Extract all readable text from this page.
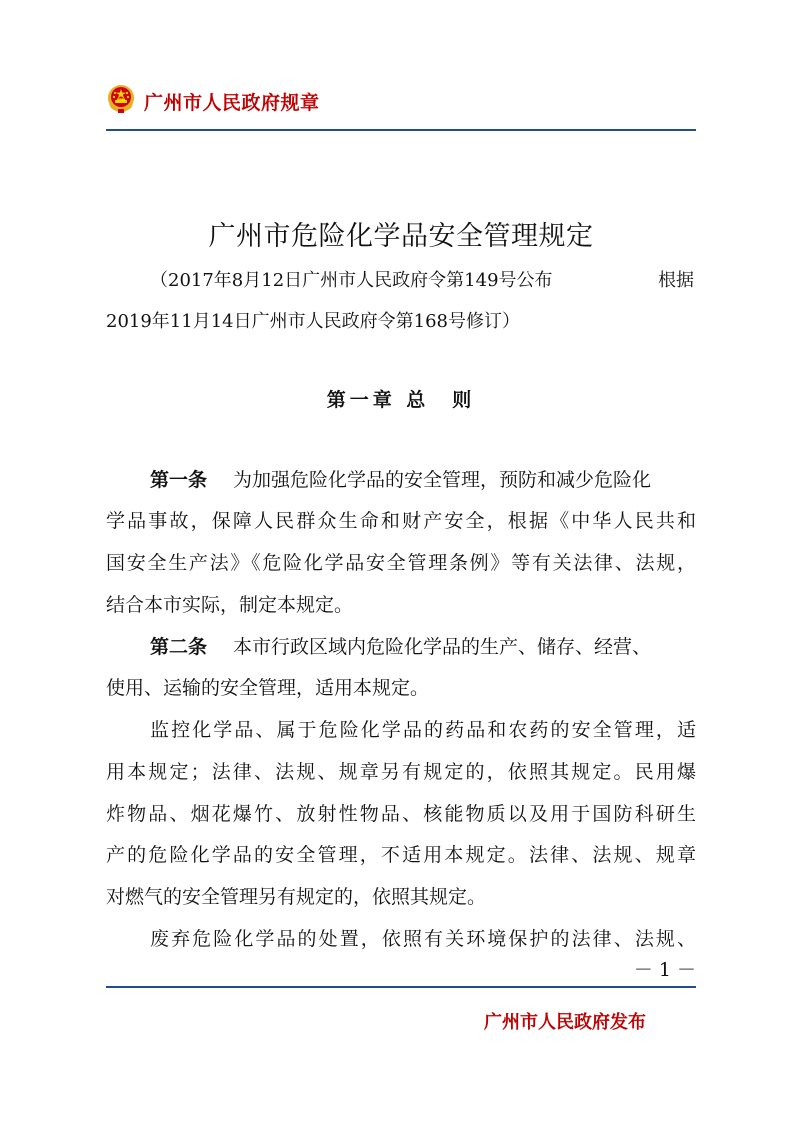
广州市人民政府规章
广州市危险化学品安全管理规定
（2017年8月12日广州市人民政府令第149号公布	根据
2019年11月14日广州市人民政府令第168号修订）
第一章 总　则
第一条 为加强危险化学品的安全管理，预防和减少危险化
学品事故，保障人民群众生命和财产安全，根据《中华人民共和
国安全生产法》《危险化学品安全管理条例》等有关法律、法规，
结合本市实际，制定本规定。
第二条 本市行政区域内危险化学品的生产、储存、经营、
使用、运输的安全管理，适用本规定。
监控化学品、属于危险化学品的药品和农药的安全管理，适
用本规定；法律、法规、规章另有规定的，依照其规定。民用爆
炸物品、烟花爆竹、放射性物品、核能物质以及用于国防科研生
产的危险化学品的安全管理，不适用本规定。法律、法规、规章
对燃气的安全管理另有规定的，依照其规定。
废弃危险化学品的处置，依照有关环境保护的法律、法规、
－ 1 －
广州市人民政府发布
